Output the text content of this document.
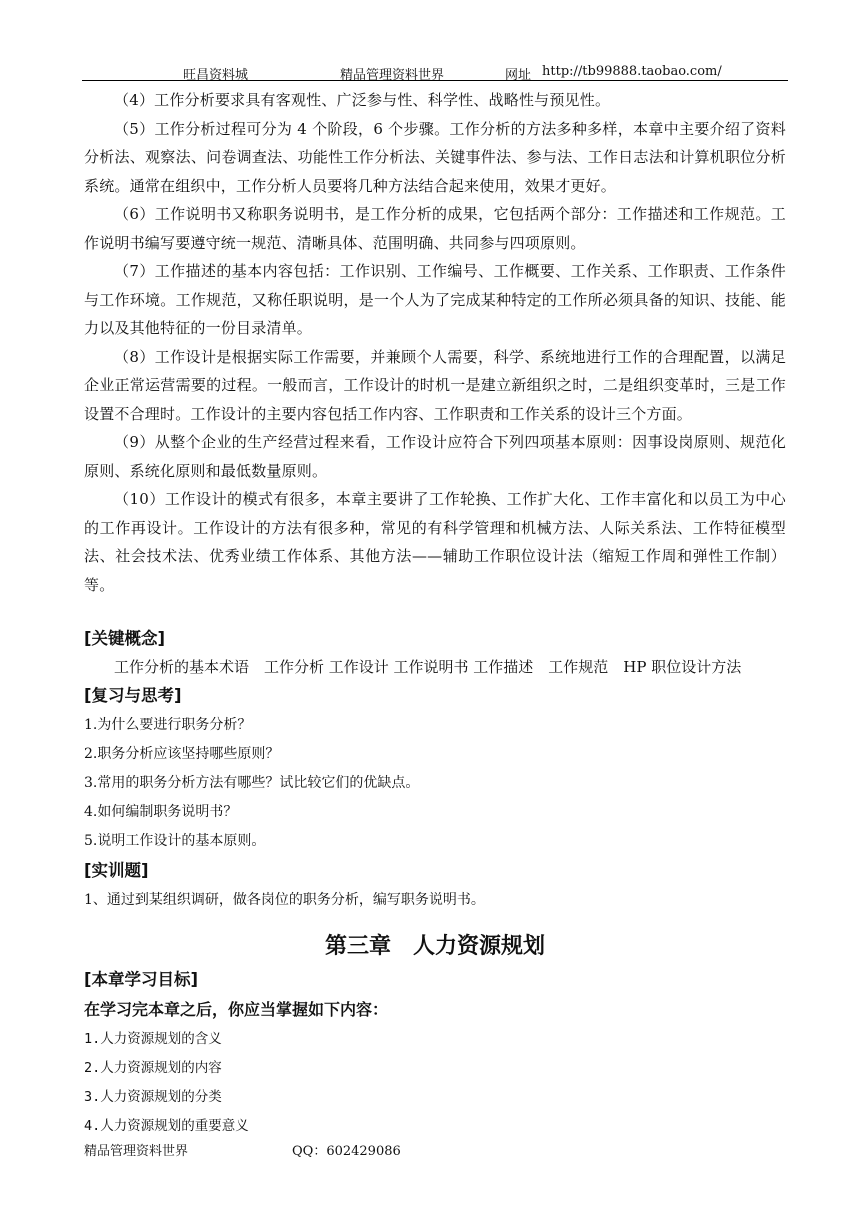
旺昌资料城	精品管理资料世界	网址 http://tb99888.taobao.com/

（4）工作分析要求具有客观性、广泛参与性、科学性、战略性与预见性。

（5）工作分析过程可分为 4 个阶段，6 个步骤。工作分析的方法多种多样，本章中主要介绍了资料分析法、观察法、问卷调查法、功能性工作分析法、关键事件法、参与法、工作日志法和计算机职位分析系统。通常在组织中，工作分析人员要将几种方法结合起来使用，效果才更好。

（6）工作说明书又称职务说明书，是工作分析的成果，它包括两个部分：工作描述和工作规范。工作说明书编写要遵守统一规范、清晰具体、范围明确、共同参与四项原则。

（7）工作描述的基本内容包括：工作识别、工作编号、工作概要、工作关系、工作职责、工作条件与工作环境。工作规范，又称任职说明，是一个人为了完成某种特定的工作所必须具备的知识、技能、能力以及其他特征的一份目录清单。

（8）工作设计是根据实际工作需要，并兼顾个人需要，科学、系统地进行工作的合理配置，以满足企业正常运营需要的过程。一般而言，工作设计的时机一是建立新组织之时，二是组织变革时，三是工作设置不合理时。工作设计的主要内容包括工作内容、工作职责和工作关系的设计三个方面。

（9）从整个企业的生产经营过程来看，工作设计应符合下列四项基本原则：因事设岗原则、规范化原则、系统化原则和最低数量原则。

（10）工作设计的模式有很多，本章主要讲了工作轮换、工作扩大化、工作丰富化和以员工为中心的工作再设计。工作设计的方法有很多种，常见的有科学管理和机械方法、人际关系法、工作特征模型法、社会技术法、优秀业绩工作体系、其他方法——辅助工作职位设计法（缩短工作周和弹性工作制）等。

[关键概念]

工作分析的基本术语　工作分析 工作设计 工作说明书 工作描述　工作规范　HP 职位设计方法

[复习与思考]

1.为什么要进行职务分析？

2.职务分析应该坚持哪些原则？

3.常用的职务分析方法有哪些？试比较它们的优缺点。

4.如何编制职务说明书？

5.说明工作设计的基本原则。

[实训题]

1、通过到某组织调研，做各岗位的职务分析，编写职务说明书。

第三章　人力资源规划

[本章学习目标]

在学习完本章之后，你应当掌握如下内容：

1.人力资源规划的含义

2.人力资源规划的内容

3.人力资源规划的分类

4.人力资源规划的重要意义

精品管理资料世界	QQ：602429086
